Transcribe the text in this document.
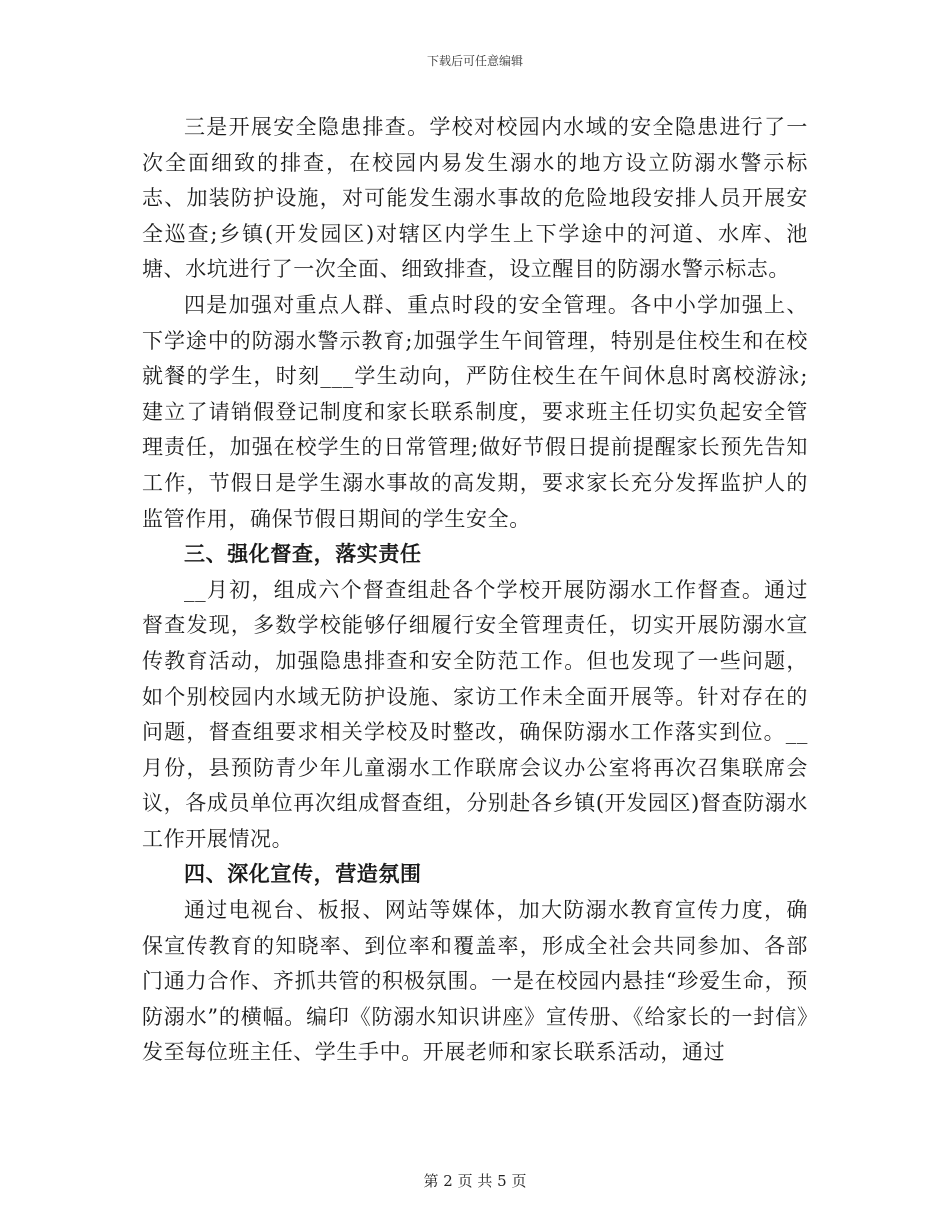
下载后可任意编辑

三是开展安全隐患排查。学校对校园内水域的安全隐患进行了一次全面细致的排查，在校园内易发生溺水的地方设立防溺水警示标志、加装防护设施，对可能发生溺水事故的危险地段安排人员开展安全巡查;乡镇(开发园区)对辖区内学生上下学途中的河道、水库、池塘、水坑进行了一次全面、细致排查，设立醒目的防溺水警示标志。

四是加强对重点人群、重点时段的安全管理。各中小学加强上、下学途中的防溺水警示教育;加强学生午间管理，特别是住校生和在校就餐的学生，时刻___学生动向，严防住校生在午间休息时离校游泳;建立了请销假登记制度和家长联系制度，要求班主任切实负起安全管理责任，加强在校学生的日常管理;做好节假日提前提醒家长预先告知工作，节假日是学生溺水事故的高发期，要求家长充分发挥监护人的监管作用，确保节假日期间的学生安全。

三、强化督查，落实责任

__月初，组成六个督查组赴各个学校开展防溺水工作督查。通过督查发现，多数学校能够仔细履行安全管理责任，切实开展防溺水宣传教育活动，加强隐患排查和安全防范工作。但也发现了一些问题，如个别校园内水域无防护设施、家访工作未全面开展等。针对存在的问题，督查组要求相关学校及时整改，确保防溺水工作落实到位。__月份，县预防青少年儿童溺水工作联席会议办公室将再次召集联席会议，各成员单位再次组成督查组，分别赴各乡镇(开发园区)督查防溺水工作开展情况。

四、深化宣传，营造氛围

通过电视台、板报、网站等媒体，加大防溺水教育宣传力度，确保宣传教育的知晓率、到位率和覆盖率，形成全社会共同参加、各部门通力合作、齐抓共管的积极氛围。一是在校园内悬挂“珍爱生命，预防溺水”的横幅。编印《防溺水知识讲座》宣传册、《给家长的一封信》发至每位班主任、学生手中。开展老师和家长联系活动，通过

第 2 页 共 5 页
